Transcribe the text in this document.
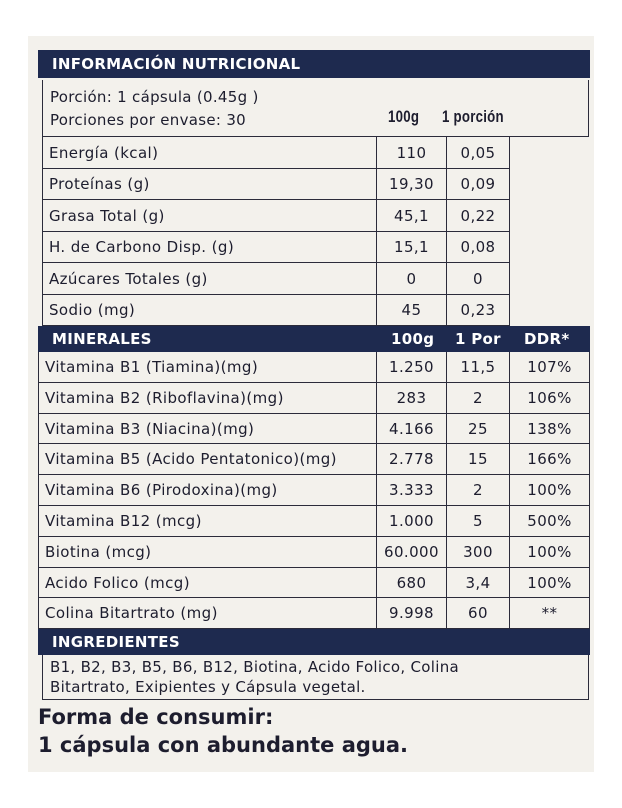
INFORMACIÓN NUTRICIONAL
Porción: 1 cápsula (0.45g )
Porciones por envase: 30	100g 1 porción
Energía (kcal)	110	0,05
Proteínas (g)	19,30	0,09
Grasa Total (g)	45,1	0,22
H. de Carbono Disp. (g)	15,1	0,08
Azúcares Totales (g)	0	0
Sodio (mg)	45	0,23
MINERALES	100g 1 Por DDR*
Vitamina B1 (Tiamina)(mg)	1.250	11,5	107%
Vitamina B2 (Riboflavina)(mg)	283	2	106%
Vitamina B3 (Niacina)(mg)	4.166	25	138%
Vitamina B5 (Acido Pentatonico)(mg)	2.778	15	166%
Vitamina B6 (Pirodoxina)(mg)	3.333	2	100%
Vitamina B12 (mcg)	1.000	5	500%
Biotina (mcg)	60.000	300	100%
Acido Folico (mcg)	680	3,4	100%
Colina Bitartrato (mg)	9.998	60	**
INGREDIENTES
B1, B2, B3, B5, B6, B12, Biotina, Acido Folico, Colina
Bitartrato, Exipientes y Cápsula vegetal.
Forma de consumir:
1 cápsula con abundante agua.
